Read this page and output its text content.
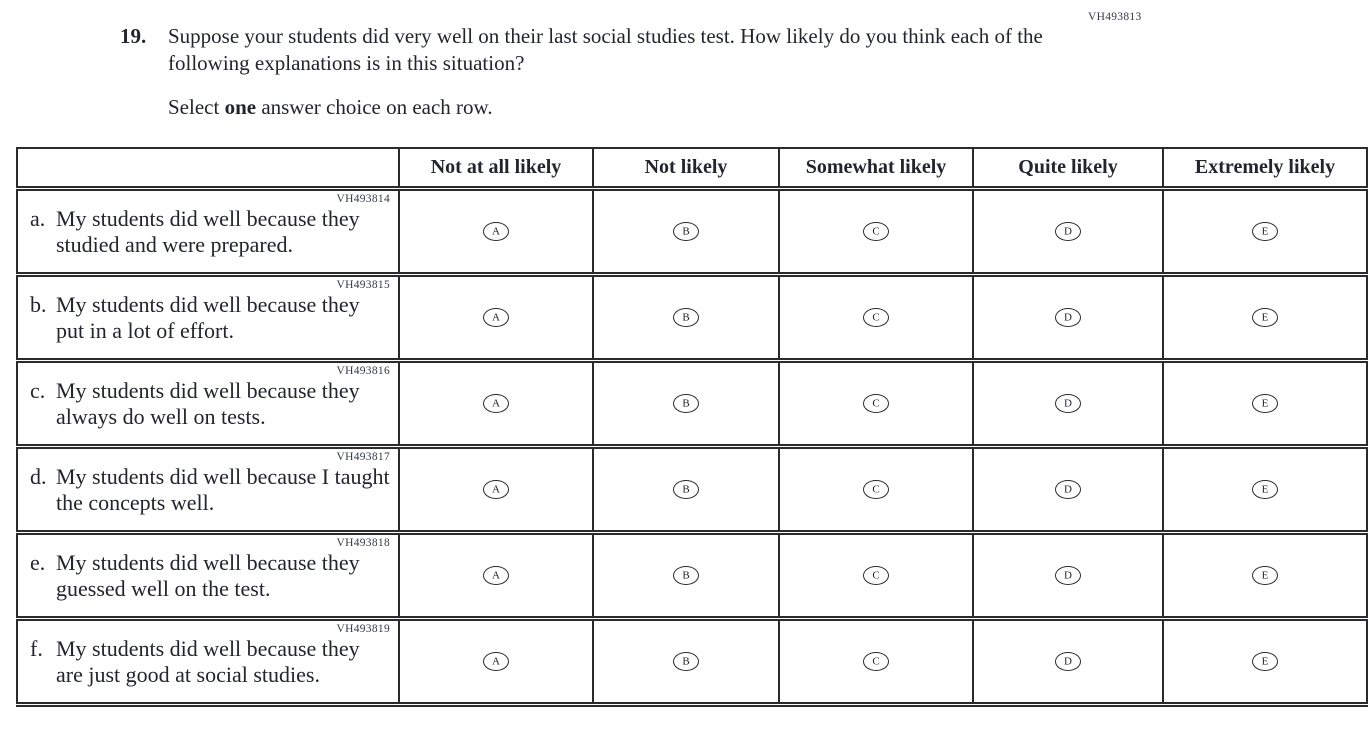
VH493813
19.	Suppose your students did very well on their last social studies test. How likely do you think each of the following explanations is in this situation?
Select one answer choice on each row.
	Not at all likely	Not likely	Somewhat likely	Quite likely	Extremely likely

VH493814
a. My students did well because they studied and were prepared.	A	B	C	D	E

VH493815
b. My students did well because they put in a lot of effort.	A	B	C	D	E

VH493816
c. My students did well because they always do well on tests.	A	B	C	D	E

VH493817
d. My students did well because I taught the concepts well.	A	B	C	D	E

VH493818
e. My students did well because they guessed well on the test.	A	B	C	D	E

VH493819
f. My students did well because they are just good at social studies.	A	B	C	D	E
